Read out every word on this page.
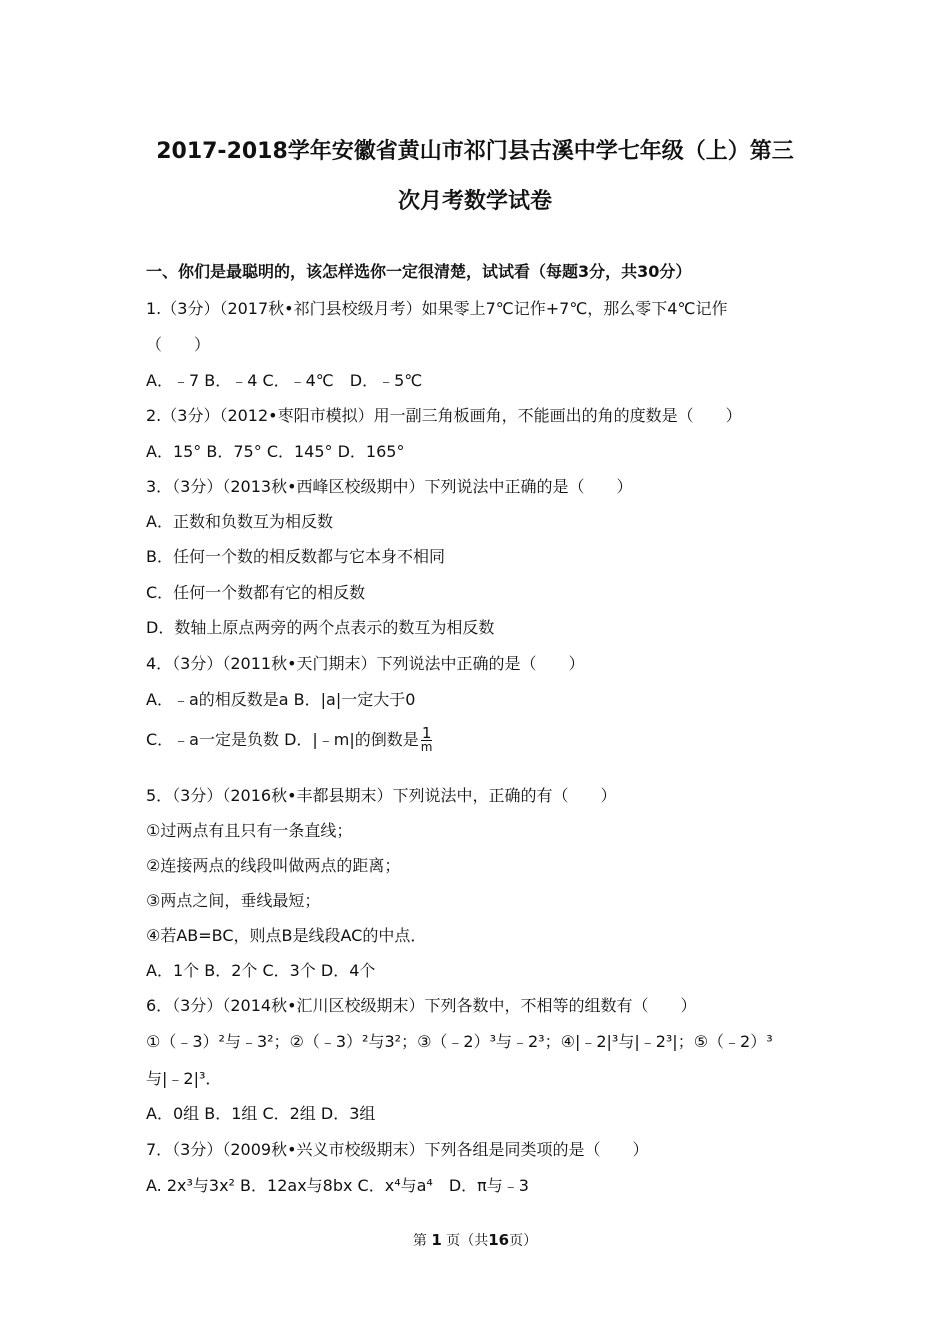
2017-2018学年安徽省黄山市祁门县古溪中学七年级（上）第三
次月考数学试卷
一、你们是最聪明的，该怎样选你一定很清楚，试试看（每题3分，共30分）
1.（3分）（2017秋•祁门县校级月考）如果零上7℃记作+7℃，那么零下4℃记作
（　　）
A．﹣7 B．﹣4 C．﹣4℃　D．﹣5℃
2.（3分）（2012•枣阳市模拟）用一副三角板画角，不能画出的角的度数是（　　）
A．15° B．75° C．145° D．165°
3．（3分）（2013秋•西峰区校级期中）下列说法中正确的是（　　）
A．正数和负数互为相反数
B．任何一个数的相反数都与它本身不相同
C．任何一个数都有它的相反数
D．数轴上原点两旁的两个点表示的数互为相反数
4．（3分）（2011秋•天门期末）下列说法中正确的是（　　）
A．﹣a的相反数是a B．|a|一定大于0
C．﹣a一定是负数 D．|﹣m|的倒数是 $\frac{1}{m}$
5．（3分）（2016秋•丰都县期末）下列说法中，正确的有（　　）
①过两点有且只有一条直线；
②连接两点的线段叫做两点的距离；
③两点之间，垂线最短；
④若AB=BC，则点B是线段AC的中点．
A．1个 B．2个 C．3个 D．4个
6．（3分）（2014秋•汇川区校级期末）下列各数中，不相等的组数有（　　）
①（﹣3）²与﹣3²；②（﹣3）²与3²；③（﹣2）³与﹣2³；④|﹣2|³与|﹣2³|；⑤（﹣2）³
与|﹣2|³．
A．0组 B．1组 C．2组 D．3组
7．（3分）（2009秋•兴义市校级期末）下列各组是同类项的是（　　）
A. 2x³与3x² B．12ax与8bx C．x⁴与a⁴　D．π与﹣3
第 1 页（共16页）
